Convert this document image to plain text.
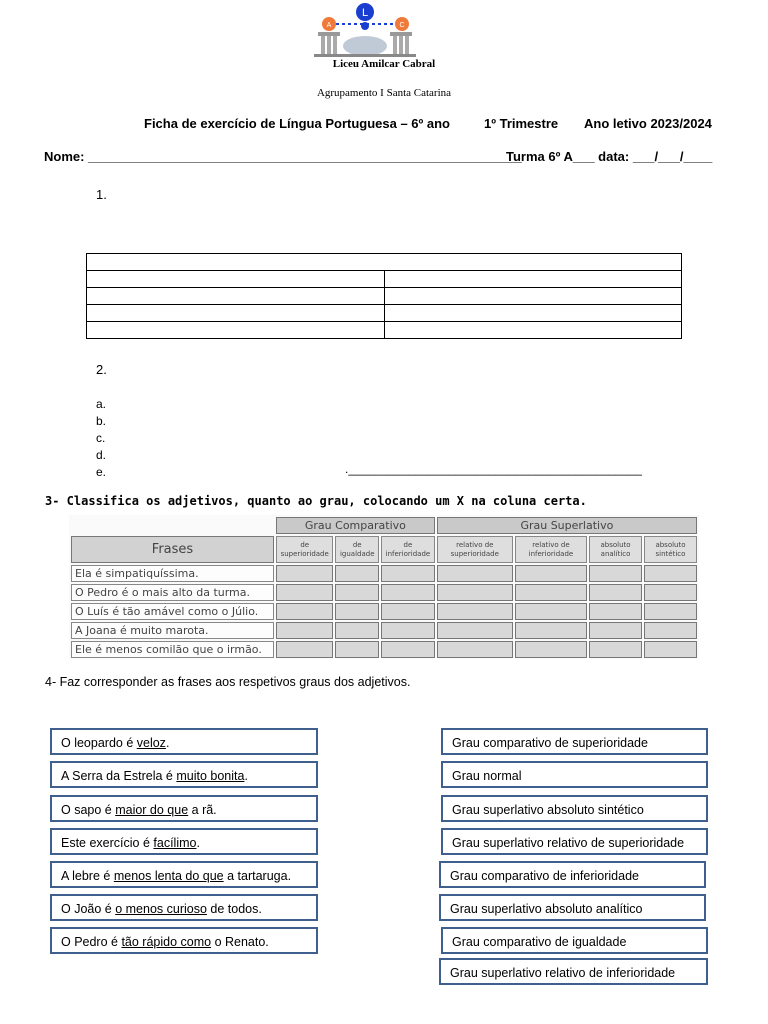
L
A	C
Liceu Amilcar Cabral
Agrupamento I Santa Catarina
Ficha de exercício de Língua Portuguesa – 6º ano	1º Trimestre Ano letivo 2023/2024
Nome: ____________________________________________________________
Turma 6º A___ data: ___/___/____
1.

2.
a.
b.
c.
d.
e.	.____________________________________________
3- Classifica os adjetivos, quanto ao grau, colocando um X na coluna certa.
	Grau Comparativo			Grau Superlativo			
Frases	de superioridade	de igualdade	de inferioridade	relativo de superioridade	relativo de inferioridade	absoluto analítico	absoluto sintético
Ela é simpatiquíssima.							
O Pedro é o mais alto da turma.							
O Luís é tão amável como o Júlio.							
A Joana é muito marota.							
Ele é menos comilão que o irmão.							
4- Faz corresponder as frases aos respetivos graus dos adjetivos.
O leopardo é veloz.
A Serra da Estrela é muito bonita.
O sapo é maior do que a rã.
Este exercício é facílimo.
A lebre é menos lenta do que a tartaruga.
O João é o menos curioso de todos.
O Pedro é tão rápido como o Renato.
Grau comparativo de superioridade
Grau normal
Grau superlativo absoluto sintético
Grau superlativo relativo de superioridade
Grau comparativo de inferioridade
Grau superlativo absoluto analítico
Grau comparativo de igualdade
Grau superlativo relativo de inferioridade
